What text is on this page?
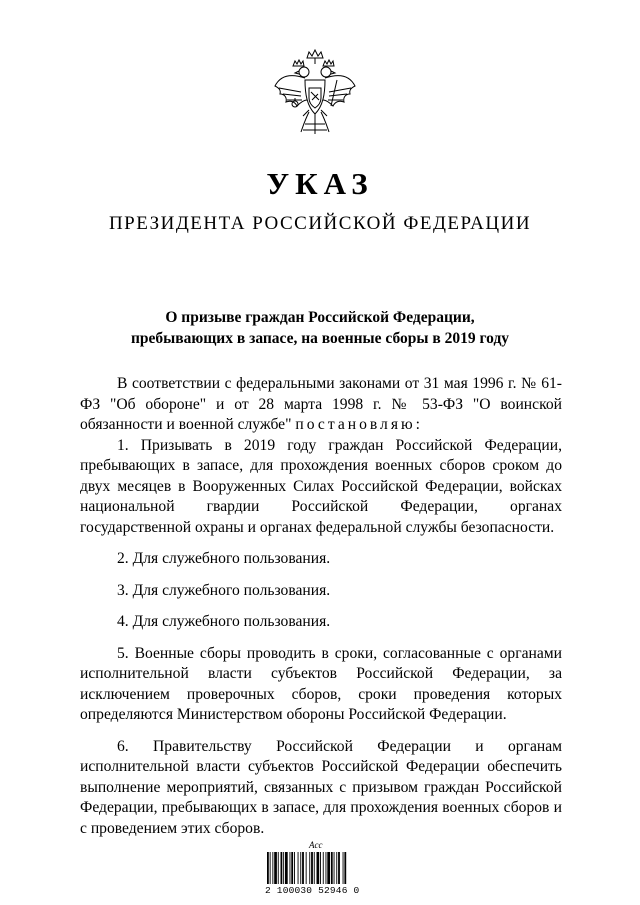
УКАЗ
ПРЕЗИДЕНТА РОССИЙСКОЙ ФЕДЕРАЦИИ
О призыве граждан Российской Федерации,
пребывающих в запасе, на военные сборы в 2019 году

В соответствии с федеральными законами от 31 мая 1996 г. № 61-ФЗ "Об обороне" и от 28 марта 1998 г. № 53-ФЗ "О воинской обязанности и военной службе" постановляю:

1. Призывать в 2019 году граждан Российской Федерации, пребывающих в запасе, для прохождения военных сборов сроком до двух месяцев в Вооруженных Силах Российской Федерации, войсках национальной гвардии Российской Федерации, органах государственной охраны и органах федеральной службы безопасности.

2. Для служебного пользования.

3. Для служебного пользования.

4. Для служебного пользования.

5. Военные сборы проводить в сроки, согласованные с органами исполнительной власти субъектов Российской Федерации, за исключением проверочных сборов, сроки проведения которых определяются Министерством обороны Российской Федерации.

6. Правительству Российской Федерации и органам исполнительной власти субъектов Российской Федерации обеспечить выполнение мероприятий, связанных с призывом граждан Российской Федерации, пребывающих в запасе, для прохождения военных сборов и с проведением этих сборов.

Acc
2 100030 52946 0
